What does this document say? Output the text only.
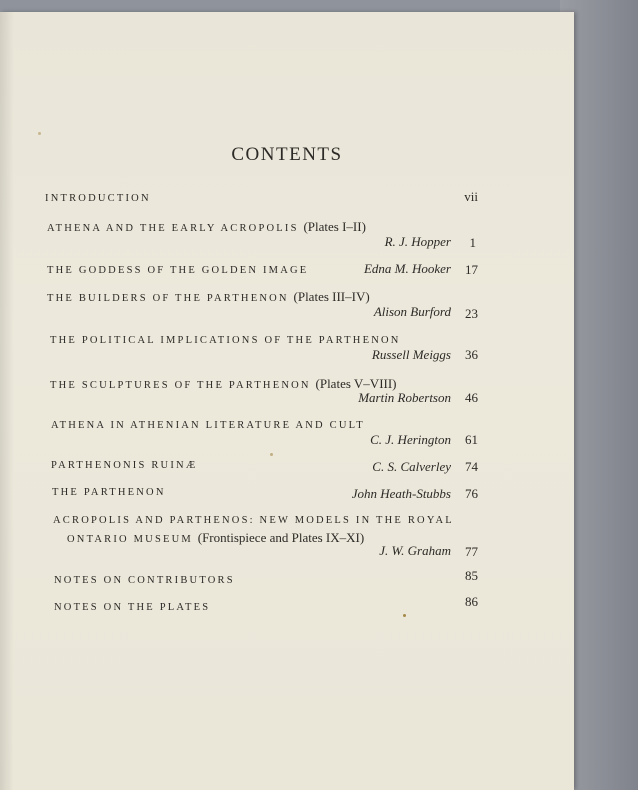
CONTENTS
INTRODUCTION	vii
ATHENA AND THE EARLY ACROPOLIS (Plates I–II)
R. J. Hopper 1
THE GODDESS OF THE GOLDEN IMAGE	Edna M. Hooker 17
THE BUILDERS OF THE PARTHENON (Plates III–IV)
Alison Burford 23
THE POLITICAL IMPLICATIONS OF THE PARTHENON
Russell Meiggs 36
THE SCULPTURES OF THE PARTHENON (Plates V–VIII)
Martin Robertson 46
ATHENA IN ATHENIAN LITERATURE AND CULT
C. J. Herington 61
PARTHENONIS RUINÆ	C. S. Calverley 74
THE PARTHENON	John Heath-Stubbs 76
ACROPOLIS AND PARTHENOS: NEW MODELS IN THE ROYAL
ONTARIO MUSEUM (Frontispiece and Plates IX–XI)
J. W. Graham 77
NOTES ON CONTRIBUTORS	85
NOTES ON THE PLATES	86
